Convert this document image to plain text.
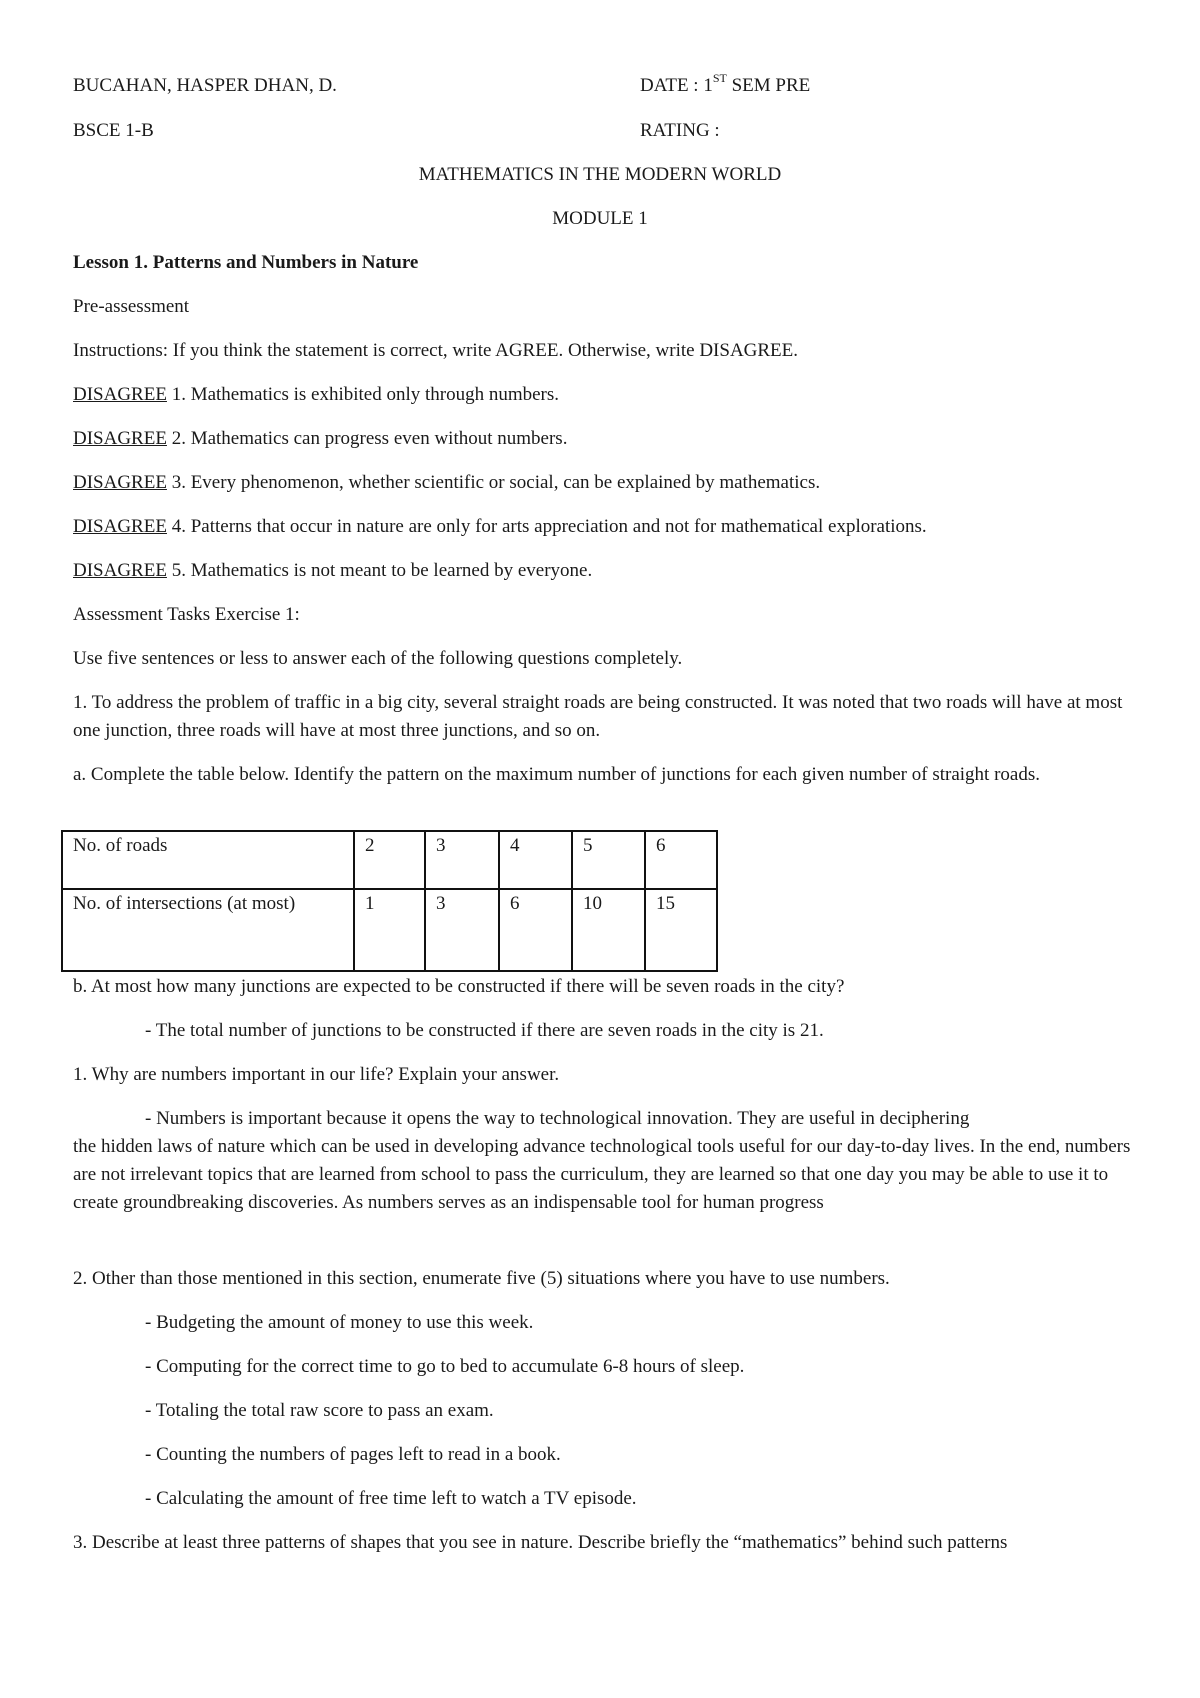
BUCAHAN, HASPER DHAN, D.	DATE : 1ST SEM PRE
BSCE 1-B	RATING :
MATHEMATICS IN THE MODERN WORLD
MODULE 1
Lesson 1. Patterns and Numbers in Nature
Pre-assessment
Instructions: If you think the statement is correct, write AGREE. Otherwise, write DISAGREE.
DISAGREE 1. Mathematics is exhibited only through numbers.
DISAGREE 2. Mathematics can progress even without numbers.
DISAGREE 3. Every phenomenon, whether scientific or social, can be explained by mathematics.
DISAGREE 4. Patterns that occur in nature are only for arts appreciation and not for mathematical explorations.
DISAGREE 5. Mathematics is not meant to be learned by everyone.
Assessment Tasks Exercise 1:
Use five sentences or less to answer each of the following questions completely.
1. To address the problem of traffic in a big city, several straight roads are being constructed. It was noted that two roads will have at most one junction, three roads will have at most three junctions, and so on.
a. Complete the table below. Identify the pattern on the maximum number of junctions for each given number of straight roads.
No. of roads	2	3	4	5	6
No. of intersections (at most)	1	3	6	10	15
b. At most how many junctions are expected to be constructed if there will be seven roads in the city?
- The total number of junctions to be constructed if there are seven roads in the city is 21.
1. Why are numbers important in our life? Explain your answer.
- Numbers is important because it opens the way to technological innovation. They are useful in deciphering
the hidden laws of nature which can be used in developing advance technological tools useful for our day-to-day lives. In the end, numbers are not irrelevant topics that are learned from school to pass the curriculum, they are learned so that one day you may be able to use it to create groundbreaking discoveries. As numbers serves as an indispensable tool for human progress
2. Other than those mentioned in this section, enumerate five (5) situations where you have to use numbers.
- Budgeting the amount of money to use this week.
- Computing for the correct time to go to bed to accumulate 6-8 hours of sleep.
- Totaling the total raw score to pass an exam.
- Counting the numbers of pages left to read in a book.
- Calculating the amount of free time left to watch a TV episode.
3. Describe at least three patterns of shapes that you see in nature. Describe briefly the “mathematics” behind such patterns
